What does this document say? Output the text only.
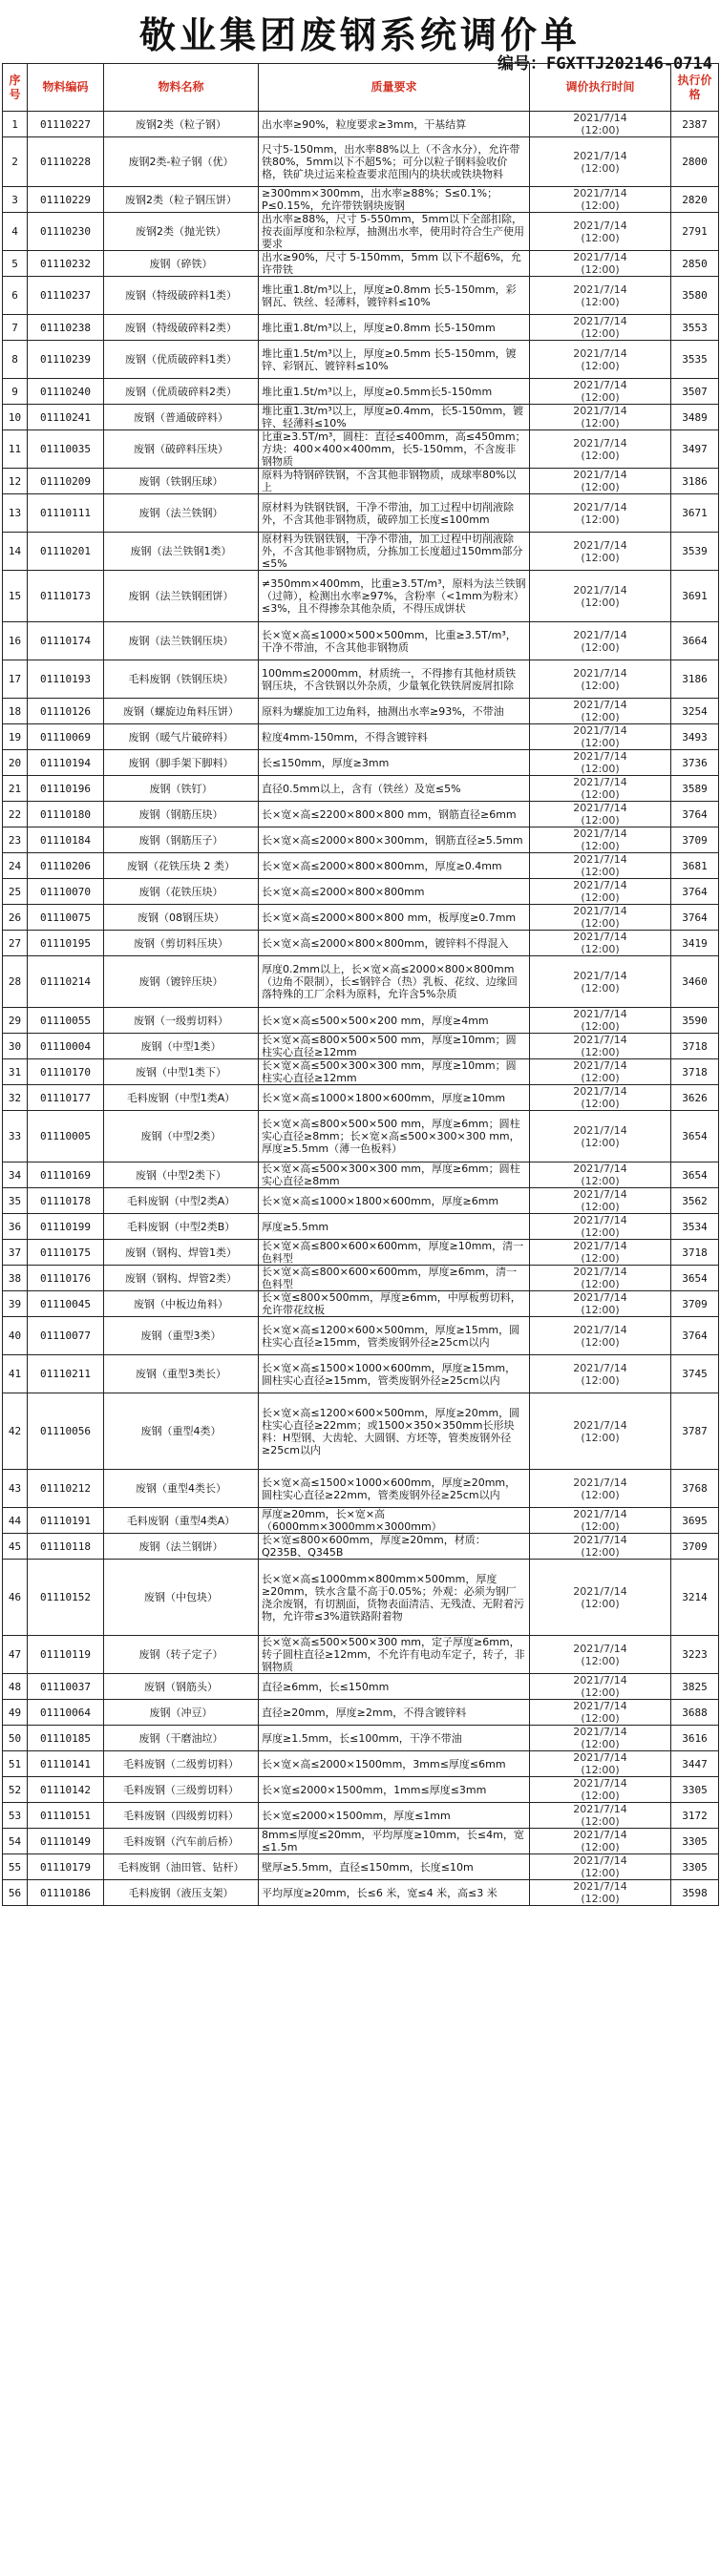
敬业集团废钢系统调价单
编号：FGXTTJ202146-0714
序号	物料编码	物料名称	质量要求	调价执行时间	执行价格
1	01110227	废钢2类（粒子钢）	出水率≥90%，粒度要求≥3mm，干基结算	2021/7/14
(12:00)	2387
2	01110228	废钢2类-粒子钢（优）	尺寸5-150mm，出水率88%以上（不含水分），允许带铁80%，5mm以下不超5%；可分以粒子钢料验收价格，铁矿块过运来检查要求范围内的块状或铁块物料	2021/7/14
(12:00)	2800
3	01110229	废钢2类（粒子钢压饼）	≥300mm×300mm，出水率≥88%；S≤0.1%；P≤0.15%，允许带铁钢块废钢	2021/7/14
(12:00)	2820
4	01110230	废钢2类（抛光铁）	出水率≥88%，尺寸 5-550mm，5mm以下全部扣除，按表面厚度和杂粒厚，抽测出水率，使用时符合生产使用要求	2021/7/14
(12:00)	2791
5	01110232	废钢（碎铁）	出水≥90%，尺寸 5-150mm，5mm 以下不超6%，允许带铁	2021/7/14
(12:00)	2850
6	01110237	废钢（特级破碎料1类）	堆比重1.8t/m³以上，厚度≥0.8mm 长5-150mm，彩钢瓦、铁丝、轻薄料，镀锌料≤10%	2021/7/14
(12:00)	3580
7	01110238	废钢（特级破碎料2类）	堆比重1.8t/m³以上，厚度≥0.8mm 长5-150mm	2021/7/14
(12:00)	3553
8	01110239	废钢（优质破碎料1类）	堆比重1.5t/m³以上，厚度≥0.5mm 长5-150mm，镀锌、彩钢瓦、镀锌料≤10%	2021/7/14
(12:00)	3535
9	01110240	废钢（优质破碎料2类）	堆比重1.5t/m³以上，厚度≥0.5mm长5-150mm	2021/7/14
(12:00)	3507
10	01110241	废钢（普通破碎料）	堆比重1.3t/m³以上，厚度≥0.4mm，长5-150mm，镀锌、轻薄料≤10%	2021/7/14
(12:00)	3489
11	01110035	废钢（破碎料压块）	比重≥3.5T/m³，圆柱：直径≤400mm，高≤450mm；方块：400×400×400mm，长5-150mm，不含废非钢物质	2021/7/14
(12:00)	3497
12	01110209	废钢（铁钢压球）	原料为特钢碎铁钢，不含其他非钢物质，成球率80%以上	2021/7/14
(12:00)	3186
13	01110111	废钢（法兰铁钢）	原材料为铁钢铁钢，干净不带油，加工过程中切削液除外，不含其他非钢物质，破碎加工长度≤100mm	2021/7/14
(12:00)	3671
14	01110201	废钢（法兰铁钢1类）	原材料为铁钢铁钢，干净不带油，加工过程中切削液除外，不含其他非钢物质，分拣加工长度超过150mm部分≤5%	2021/7/14
(12:00)	3539
15	01110173	废钢（法兰铁钢团饼）	≠350mm×400mm，比重≥3.5T/m³，原料为法兰铁钢（过筛），检测出水率≥97%，含粉率（<1mm为粉末）≤3%，且不得掺杂其他杂质，不得压成饼状	2021/7/14
(12:00)	3691
16	01110174	废钢（法兰铁钢压块）	长×宽×高≤1000×500×500mm，比重≥3.5T/m³，干净不带油，不含其他非钢物质	2021/7/14
(12:00)	3664
17	01110193	毛料废钢（铁钢压块）	100mm≤2000mm，材质统一，不得掺有其他材质铁钢压块，不含铁钢以外杂质，少量氧化铁铁屑废屑扣除	2021/7/14
(12:00)	3186
18	01110126	废钢（螺旋边角料压饼）	原料为螺旋加工边角料，抽测出水率≥93%，不带油	2021/7/14
(12:00)	3254
19	01110069	废钢（暖气片破碎料）	粒度4mm-150mm，不得含镀锌料	2021/7/14
(12:00)	3493
20	01110194	废钢（脚手架下脚料）	长≤150mm，厚度≥3mm	2021/7/14
(12:00)	3736
21	01110196	废钢（铁钉）	直径0.5mm以上，含有（铁丝）及宽≤5%	2021/7/14
(12:00)	3589
22	01110180	废钢（钢筋压块）	长×宽×高≤2200×800×800 mm，钢筋直径≥6mm	2021/7/14
(12:00)	3764
23	01110184	废钢（钢筋压子）	长×宽×高≤2000×800×300mm，钢筋直径≥5.5mm	2021/7/14
(12:00)	3709
24	01110206	废钢（花铁压块 2 类）	长×宽×高≤2000×800×800mm，厚度≥0.4mm	2021/7/14
(12:00)	3681
25	01110070	废钢（花铁压块）	长×宽×高≤2000×800×800mm	2021/7/14
(12:00)	3764
26	01110075	废钢（08钢压块）	长×宽×高≤2000×800×800 mm，板厚度≥0.7mm	2021/7/14
(12:00)	3764
27	01110195	废钢（剪切料压块）	长×宽×高≤2000×800×800mm，镀锌料不得混入	2021/7/14
(12:00)	3419
28	01110214	废钢（镀锌压块）	厚度0.2mm以上，长×宽×高≤2000×800×800mm（边角不限制），长≤钢锌合（热）乳板、花纹、边缘回落特殊的工厂余料为原料，允许含5%杂质	2021/7/14
(12:00)	3460
29	01110055	废钢（一级剪切料）	长×宽×高≤500×500×200 mm，厚度≥4mm	2021/7/14
(12:00)	3590
30	01110004	废钢（中型1类）	长×宽×高≤800×500×500 mm，厚度≥10mm；圆柱实心直径≥12mm	2021/7/14
(12:00)	3718
31	01110170	废钢（中型1类下）	长×宽×高≤500×300×300 mm，厚度≥10mm；圆柱实心直径≥12mm	2021/7/14
(12:00)	3718
32	01110177	毛料废钢（中型1类A）	长×宽×高≤1000×1800×600mm，厚度≥10mm	2021/7/14
(12:00)	3626
33	01110005	废钢（中型2类）	长×宽×高≤800×500×500 mm，厚度≥6mm；圆柱实心直径≥8mm；长×宽×高≤500×300×300 mm，厚度≥5.5mm（薄一色板料）	2021/7/14
(12:00)	3654
34	01110169	废钢（中型2类下）	长×宽×高≤500×300×300 mm，厚度≥6mm；圆柱实心直径≥8mm	2021/7/14
(12:00)	3654
35	01110178	毛料废钢（中型2类A）	长×宽×高≤1000×1800×600mm，厚度≥6mm	2021/7/14
(12:00)	3562
36	01110199	毛料废钢（中型2类B）	厚度≥5.5mm	2021/7/14
(12:00)	3534
37	01110175	废钢（钢构、焊管1类）	长×宽×高≤800×600×600mm，厚度≥10mm，清一色料型	2021/7/14
(12:00)	3718
38	01110176	废钢（钢构、焊管2类）	长×宽×高≤800×600×600mm，厚度≥6mm，清一色料型	2021/7/14
(12:00)	3654
39	01110045	废钢（中板边角料）	长×宽≤800×500mm，厚度≥6mm，中厚板剪切料，允许带花纹板	2021/7/14
(12:00)	3709
40	01110077	废钢（重型3类）	长×宽×高≤1200×600×500mm，厚度≥15mm，圆柱实心直径≥15mm，管类废钢外径≥25cm以内	2021/7/14
(12:00)	3764
41	01110211	废钢（重型3类长）	长×宽×高≤1500×1000×600mm，厚度≥15mm，圆柱实心直径≥15mm，管类废钢外径≥25cm以内	2021/7/14
(12:00)	3745
42	01110056	废钢（重型4类）	长×宽×高≤1200×600×500mm，厚度≥20mm，圆柱实心直径≥22mm；或1500×350×350mm长形块料：H型钢、大齿轮、大圆钢、方坯等，管类废钢外径≥25cm以内	2021/7/14
(12:00)	3787
43	01110212	废钢（重型4类长）	长×宽×高≤1500×1000×600mm，厚度≥20mm，圆柱实心直径≥22mm，管类废钢外径≥25cm以内	2021/7/14
(12:00)	3768
44	01110191	毛料废钢（重型4类A）	厚度≥20mm，长×宽×高（6000mm×3000mm×3000mm）	2021/7/14
(12:00)	3695
45	01110118	废钢（法兰钢饼）	长×宽≤800×600mm，厚度≥20mm，材质：Q235B、Q345B	2021/7/14
(12:00)	3709
46	01110152	废钢（中包块）	长×宽×高≤1000mm×800mm×500mm，厚度≥20mm，铁水含量不高于0.05%；外观：必须为钢厂浇余废钢，有切割面，货物表面清洁、无残渣、无附着污物，允许带≤3%道铁路附着物	2021/7/14
(12:00)	3214
47	01110119	废钢（转子定子）	长×宽×高≤500×500×300 mm，定子厚度≥6mm，转子圆柱直径≥12mm，不允许有电动车定子，转子，非钢物质	2021/7/14
(12:00)	3223
48	01110037	废钢（钢筋头）	直径≥6mm，长≤150mm	2021/7/14
(12:00)	3825
49	01110064	废钢（冲豆）	直径≥20mm，厚度≥2mm，不得含镀锌料	2021/7/14
(12:00)	3688
50	01110185	废钢（干磨油垃）	厚度≥1.5mm，长≤100mm，干净不带油	2021/7/14
(12:00)	3616
51	01110141	毛料废钢（二级剪切料）	长×宽×高≤2000×1500mm，3mm≤厚度≤6mm	2021/7/14
(12:00)	3447
52	01110142	毛料废钢（三级剪切料）	长×宽≤2000×1500mm，1mm≤厚度≤3mm	2021/7/14
(12:00)	3305
53	01110151	毛料废钢（四级剪切料）	长×宽≤2000×1500mm，厚度≤1mm	2021/7/14
(12:00)	3172
54	01110149	毛料废钢（汽车前后桥）	8mm≤厚度≤20mm，平均厚度≥10mm，长≤4m，宽≤1.5m	2021/7/14
(12:00)	3305
55	01110179	毛料废钢（油田管、钻杆）	壁厚≥5.5mm，直径≤150mm，长度≤10m	2021/7/14
(12:00)	3305
56	01110186	毛料废钢（液压支架）	平均厚度≥20mm，长≤6 米，宽≤4 米，高≤3 米	2021/7/14
(12:00)	3598
